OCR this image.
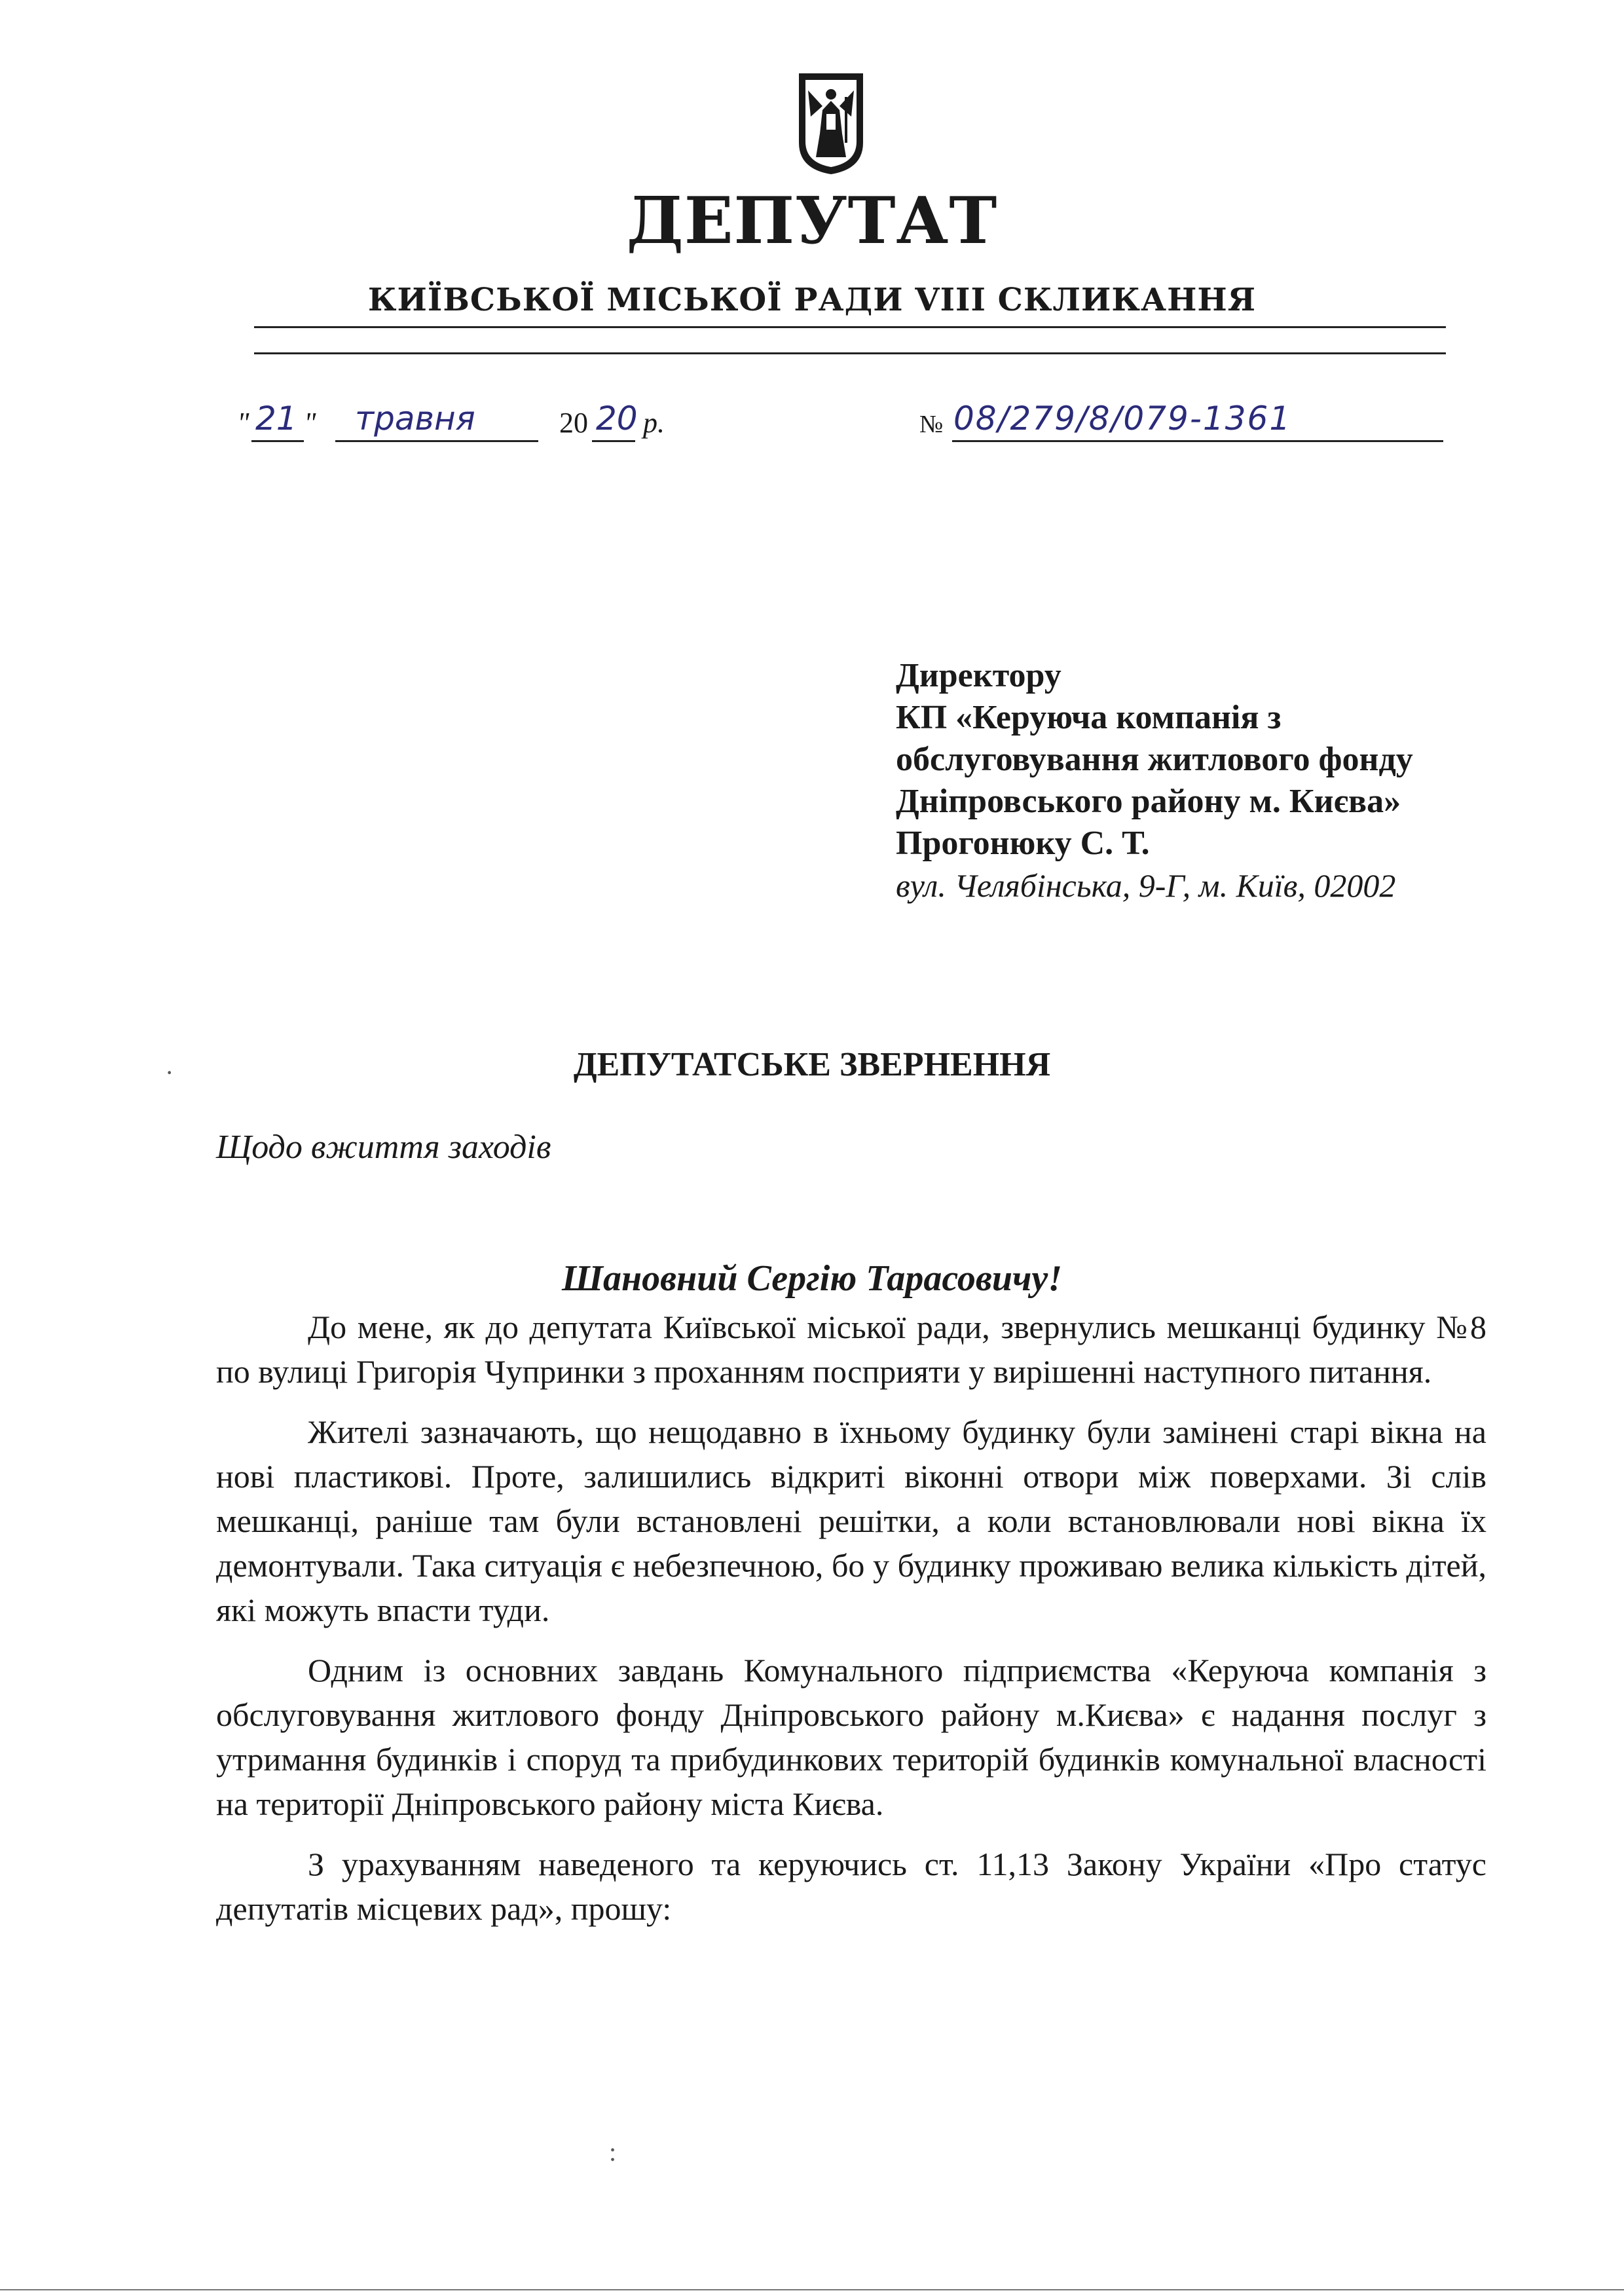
ДЕПУТАТ
КИЇВСЬКОЇ МІСЬКОЇ РАДИ VIII СКЛИКАННЯ
" 21 " травня	20 20 р.	№ 08/279/8/079-1361
Директору
КП «Керуюча компанія з
обслуговування житлового фонду
Дніпровського району м. Києва»
Прогонюку С. Т.
вул. Челябінська, 9-Г, м. Київ, 02002
·	ДЕПУТАТСЬКЕ ЗВЕРНЕННЯ
Щодо вжиття заходів
Шановний Сергію Тарасовичу!

До мене, як до депутата Київської міської ради, звернулись мешканці будинку №8 по вулиці Григорія Чупринки з проханням посприяти у вирішенні наступного питання.

Жителі зазначають, що нещодавно в їхньому будинку були замінені старі вікна на нові пластикові. Проте, залишились відкриті віконні отвори між поверхами. Зі слів мешканці, раніше там були встановлені решітки, а коли встановлювали нові вікна їх демонтували. Така ситуація є небезпечною, бо у будинку проживаю велика кількість дітей, які можуть впасти туди.

Одним із основних завдань Комунального підприємства «Керуюча компанія з обслуговування житлового фонду Дніпровського району м.Києва» є надання послуг з утримання будинків і споруд та прибудинкових територій будинків комунальної власності на території Дніпровського району міста Києва.

З урахуванням наведеного та керуючись ст. 11,13 Закону України «Про статус депутатів місцевих рад», прошу:

:
